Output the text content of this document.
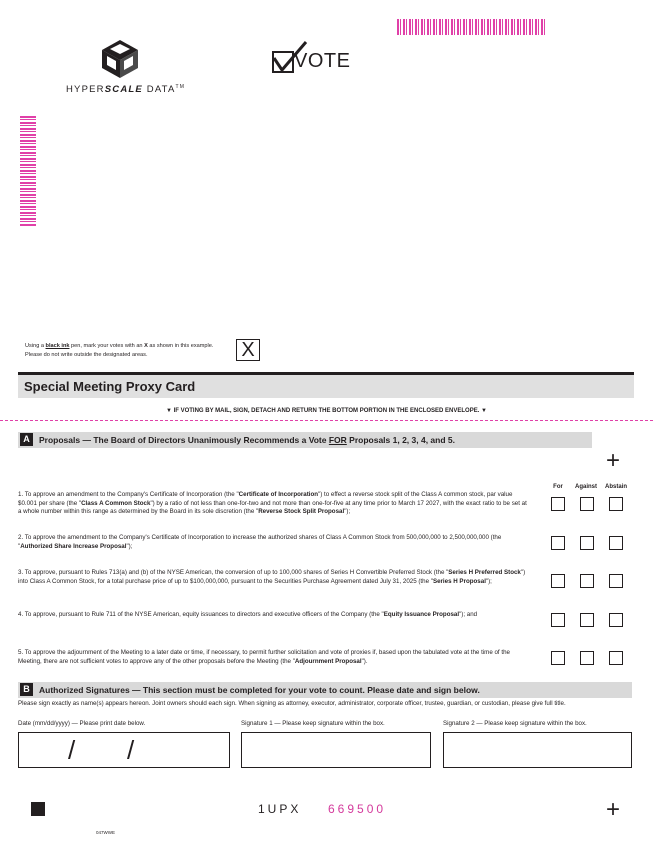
HYPERSCALE DATA™
VOTE
Using a black ink pen, mark your votes with an X as shown in this example.
Please do not write outside the designated areas.	X
Special Meeting Proxy Card
▼ IF VOTING BY MAIL, SIGN, DETACH AND RETURN THE BOTTOM PORTION IN THE ENCLOSED ENVELOPE. ▼
A	Proposals — The Board of Directors Unanimously Recommends a Vote FOR Proposals 1, 2, 3, 4, and 5.
+
For	Against	Abstain
1. To approve an amendment to the Company's Certificate of Incorporation (the "Certificate of Incorporation") to effect a reverse stock split of the Class A common stock, par value $0.001 per share (the "Class A Common Stock") by a ratio of not less than one-for-two and not more than one-for-five at any time prior to March 17 2027, with the exact ratio to be set at a whole number within this range as determined by the Board in its sole discretion (the "Reverse Stock Split Proposal");
2. To approve the amendment to the Company's Certificate of Incorporation to increase the authorized shares of Class A Common Stock from 500,000,000 to 2,500,000,000 (the "Authorized Share Increase Proposal");
3. To approve, pursuant to Rules 713(a) and (b) of the NYSE American, the conversion of up to 100,000 shares of Series H Convertible Preferred Stock (the "Series H Preferred Stock") into Class A Common Stock, for a total purchase price of up to $100,000,000, pursuant to the Securities Purchase Agreement dated July 31, 2025 (the "Series H Proposal");
4. To approve, pursuant to Rule 711 of the NYSE American, equity issuances to directors and executive officers of the Company (the "Equity Issuance Proposal"); and
5. To approve the adjournment of the Meeting to a later date or time, if necessary, to permit further solicitation and vote of proxies if, based upon the tabulated vote at the time of the Meeting, there are not sufficient votes to approve any of the other proposals before the Meeting (the "Adjournment Proposal").
B	Authorized Signatures — This section must be completed for your vote to count. Please date and sign below.
Please sign exactly as name(s) appears hereon. Joint owners should each sign. When signing as attorney, executor, administrator, corporate officer, trustee, guardian, or custodian, please give full title.
Date (mm/dd/yyyy) — Please print date below.	Signature 1 — Please keep signature within the box.	Signature 2 — Please keep signature within the box.
/ /
1UPX 669500	+
047WWE
